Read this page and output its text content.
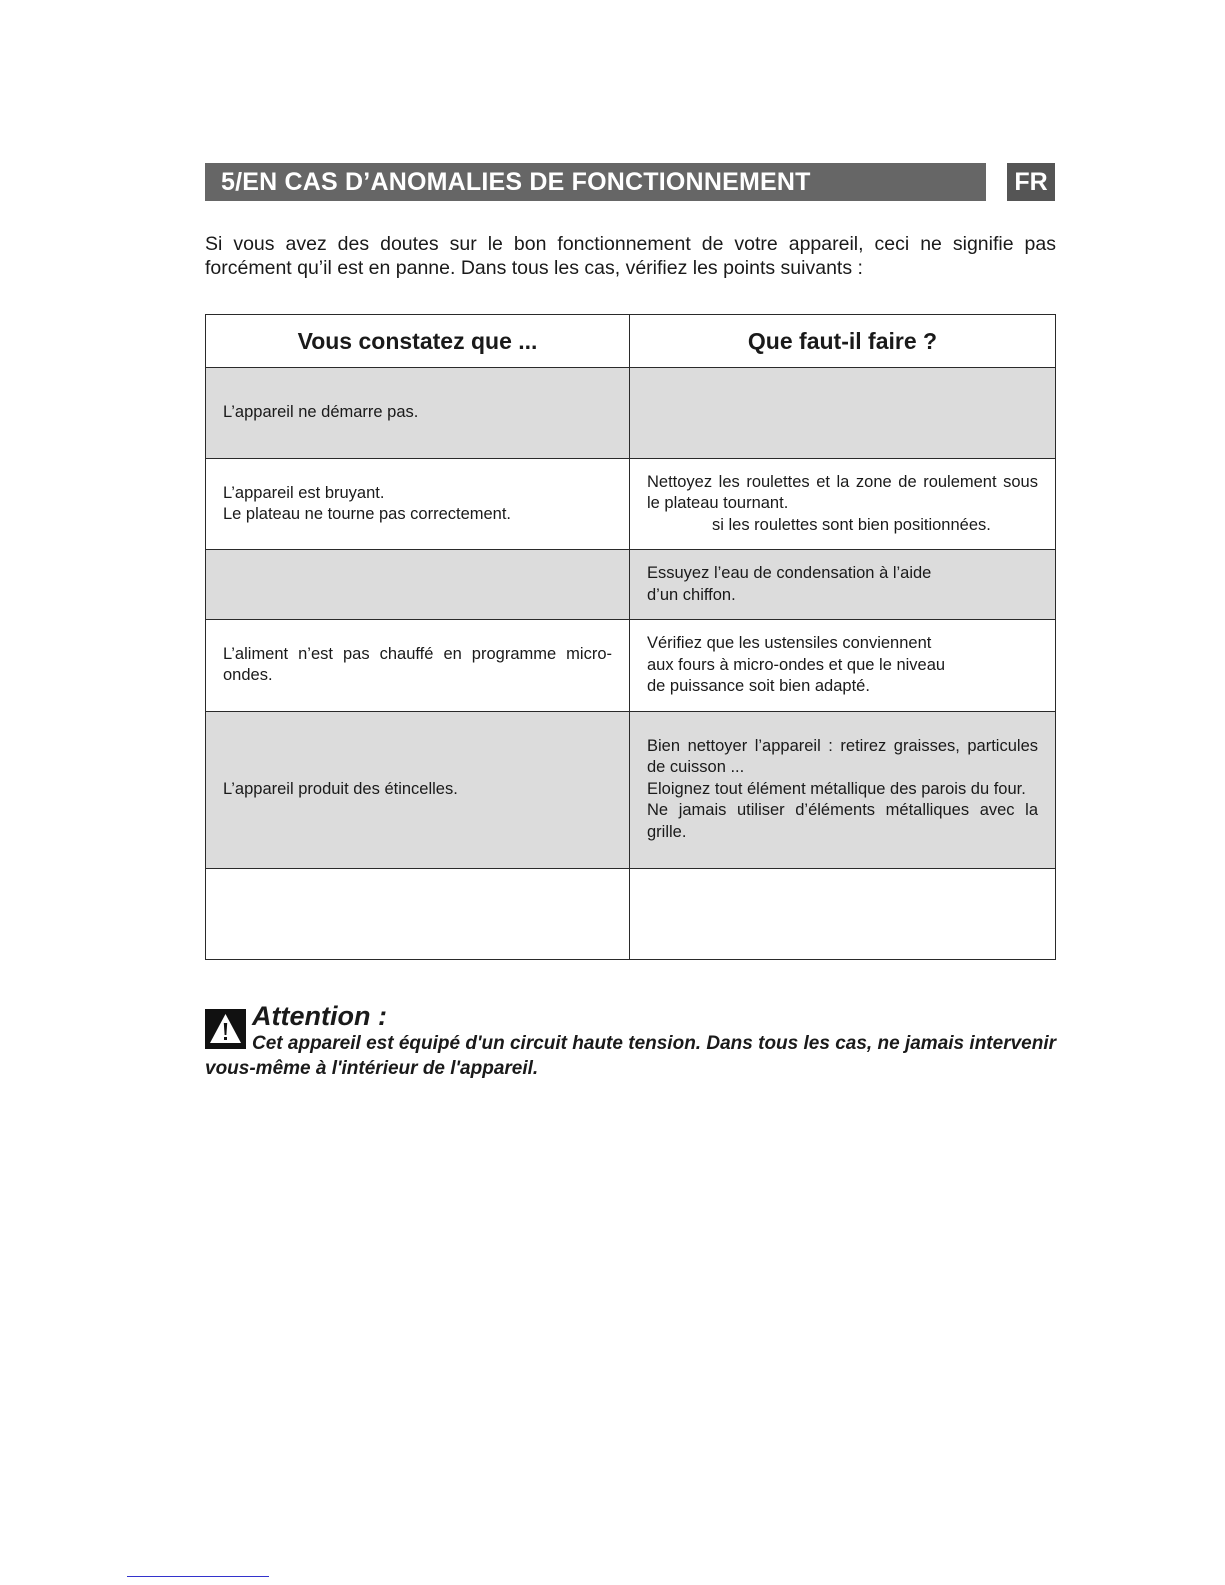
5/EN CAS D’ANOMALIES DE FONCTIONNEMENT	FR

Si vous avez des doutes sur le bon fonctionnement de votre appareil, ceci ne signifie pas forcément qu’il est en panne. Dans tous les cas, vérifiez les points suivants :

Vous constatez que ...	Que faut-il faire ?

L’appareil ne démarre pas.	

L’appareil est bruyant.
Le plateau ne tourne pas correctement.	Nettoyez les roulettes et la zone de roulement sous le plateau tournant.
si les roulettes sont bien positionnées.

	Essuyez l’eau de condensation à l’aide
d’un chiffon.

L’aliment n’est pas chauffé en programme micro-ondes.	Vérifiez que les ustensiles conviennent
aux fours à micro-ondes et que le niveau
de puissance soit bien adapté.

L’appareil produit des étincelles.	Bien nettoyer l’appareil : retirez graisses, particules de cuisson ...
Eloignez tout élément métallique des parois du four.
Ne jamais utiliser d’éléments métalliques avec la grille.

Attention :

Cet appareil est équipé d'un circuit haute tension. Dans tous les cas, ne jamais intervenir vous-même à l'intérieur de l'appareil.
